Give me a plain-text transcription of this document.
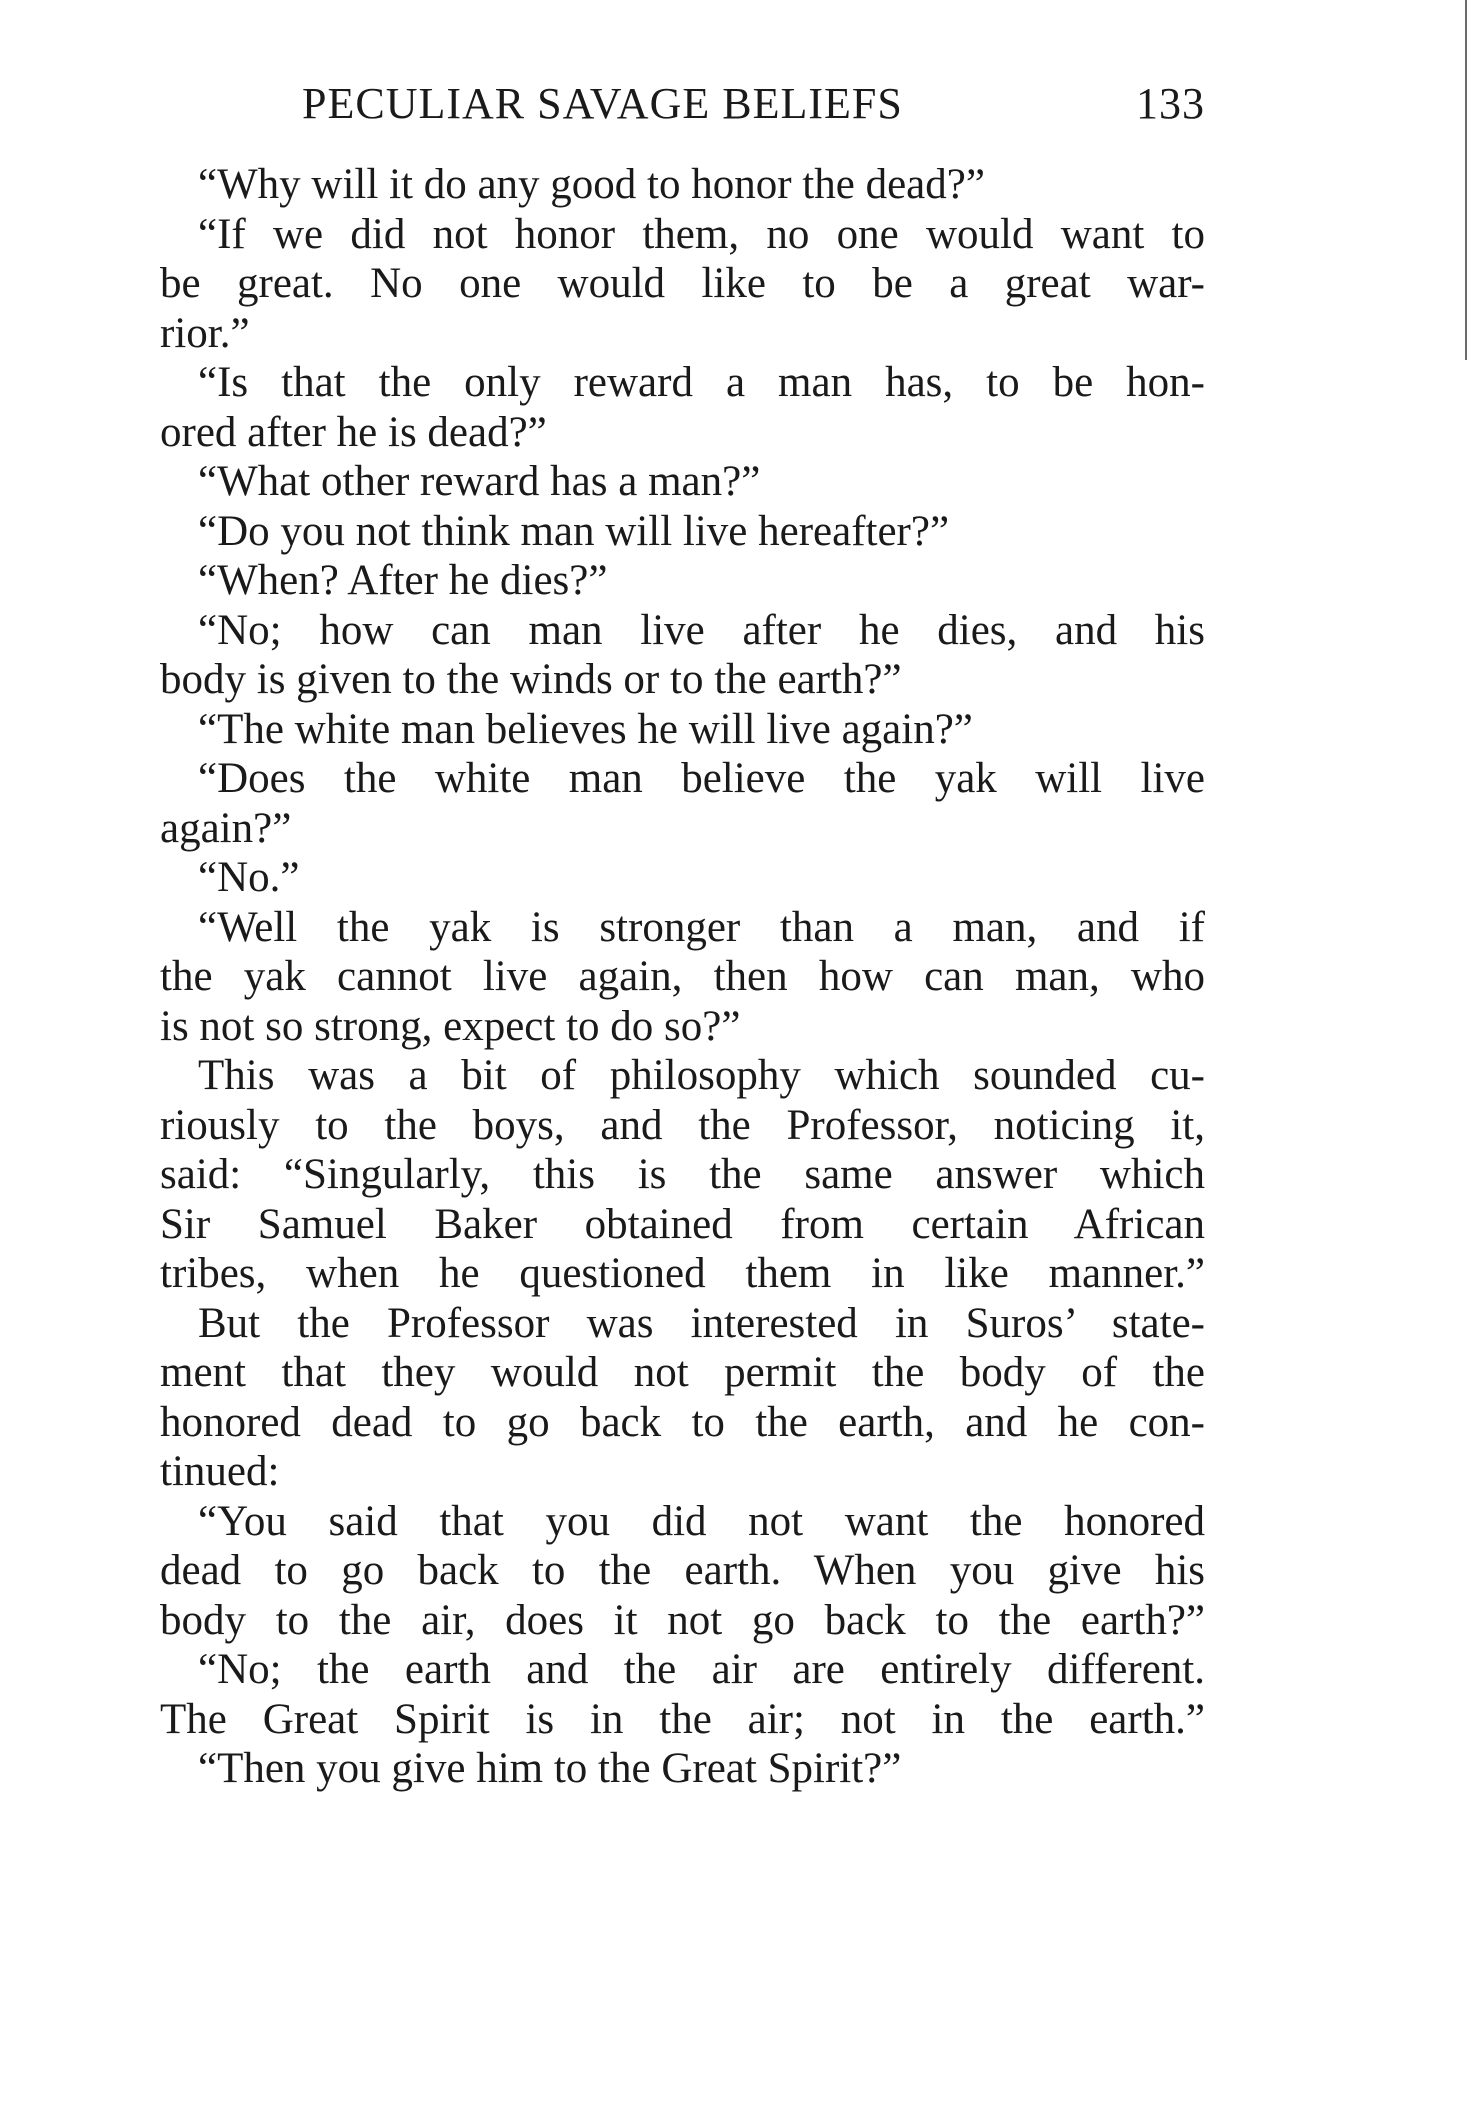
PECULIAR SAVAGE BELIEFS	133
“Why will it do any good to honor the dead?”
“If we did not honor them, no one would want to
be great. No one would like to be a great war-
rior.”
“Is that the only reward a man has, to be hon-
ored after he is dead?”
“What other reward has a man?”
“Do you not think man will live hereafter?”
“When? After he dies?”
“No; how can man live after he dies, and his
body is given to the winds or to the earth?”
“The white man believes he will live again?”
“Does the white man believe the yak will live
again?”
“No.”
“Well the yak is stronger than a man, and if
the yak cannot live again, then how can man, who
is not so strong, expect to do so?”
This was a bit of philosophy which sounded cu-
riously to the boys, and the Professor, noticing it,
said: “Singularly, this is the same answer which
Sir Samuel Baker obtained from certain African
tribes, when he questioned them in like manner.”
But the Professor was interested in Suros’ state-
ment that they would not permit the body of the
honored dead to go back to the earth, and he con-
tinued:
“You said that you did not want the honored
dead to go back to the earth. When you give his
body to the air, does it not go back to the earth?”
“No; the earth and the air are entirely different.
The Great Spirit is in the air; not in the earth.”
“Then you give him to the Great Spirit?”
